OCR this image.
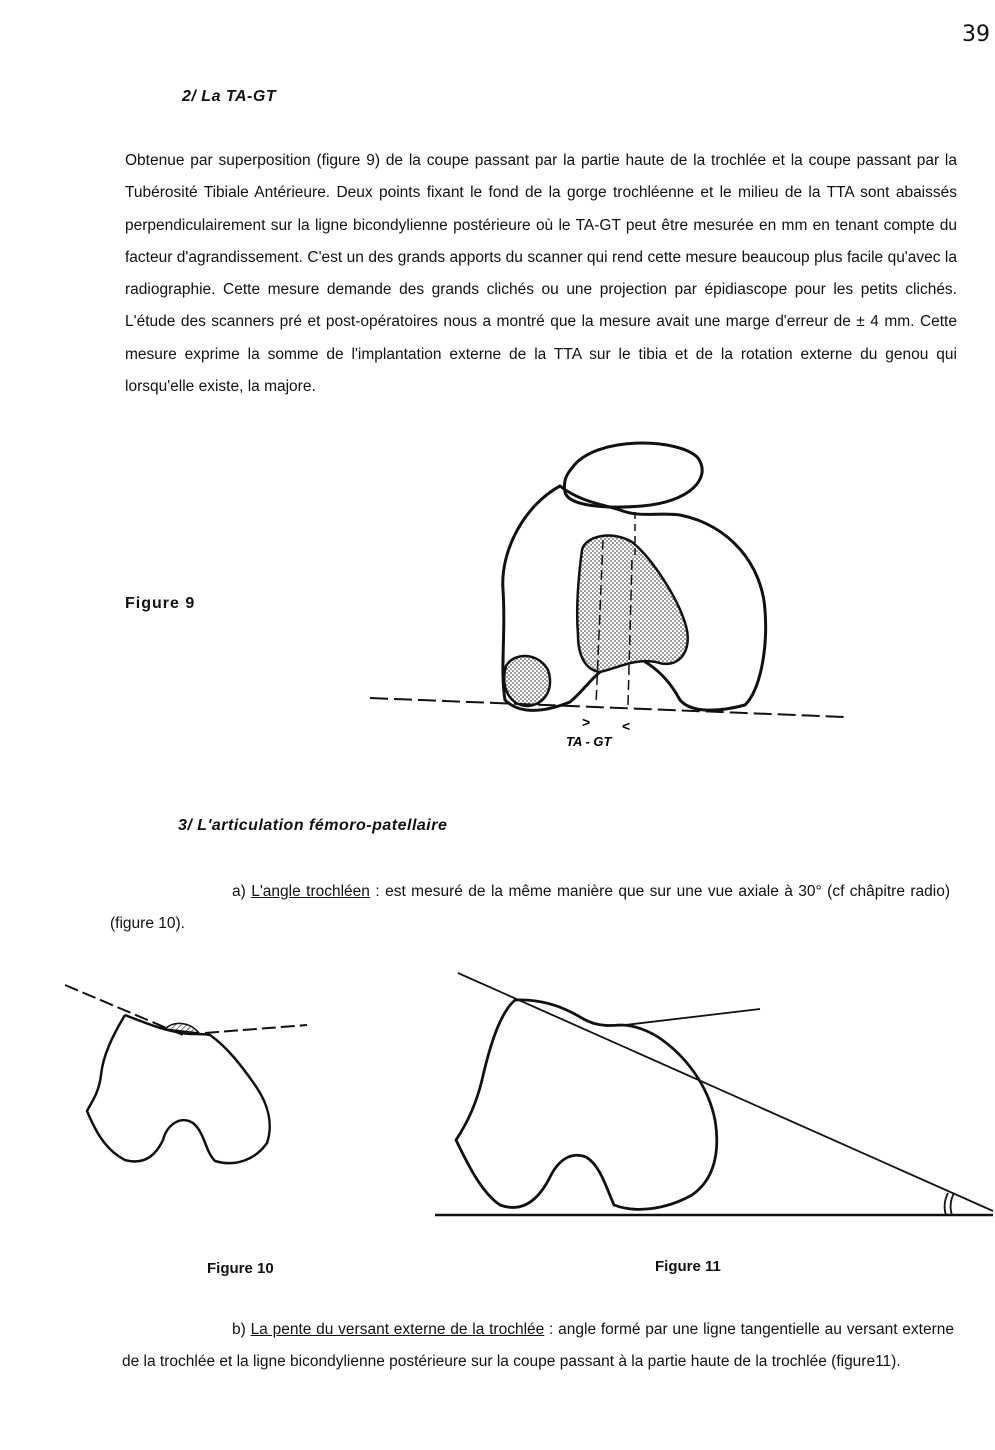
39
2/ La TA-GT

Obtenue par superposition (figure 9) de la coupe passant par la partie haute de la trochlée et la coupe passant par la Tubérosité Tibiale Antérieure. Deux points fixant le fond de la gorge trochléenne et le milieu de la TTA sont abaissés perpendiculairement sur la ligne bicondylienne postérieure où le TA-GT peut être mesurée en mm en tenant compte du facteur d'agrandissement. C'est un des grands apports du scanner qui rend cette mesure beaucoup plus facile qu'avec la radiographie. Cette mesure demande des grands clichés ou une projection par épidiascope pour les petits clichés. L'étude des scanners pré et post-opératoires nous a montré que la mesure avait une marge d'erreur de ± 4 mm. Cette mesure exprime la somme de l'implantation externe de la TTA sur le tibia et de la rotation externe du genou qui lorsqu'elle existe, la majore.

Figure 9
> <
TA - GT
3/ L'articulation fémoro-patellaire

a) L'angle trochléen : est mesuré de la même manière que sur une vue axiale à 30° (cf châpitre radio) (figure 10).

Figure 10	Figure 11

b) La pente du versant externe de la trochlée : angle formé par une ligne tangentielle au versant externe de la trochlée et la ligne bicondylienne postérieure sur la coupe passant à la partie haute de la trochlée (figure11).
